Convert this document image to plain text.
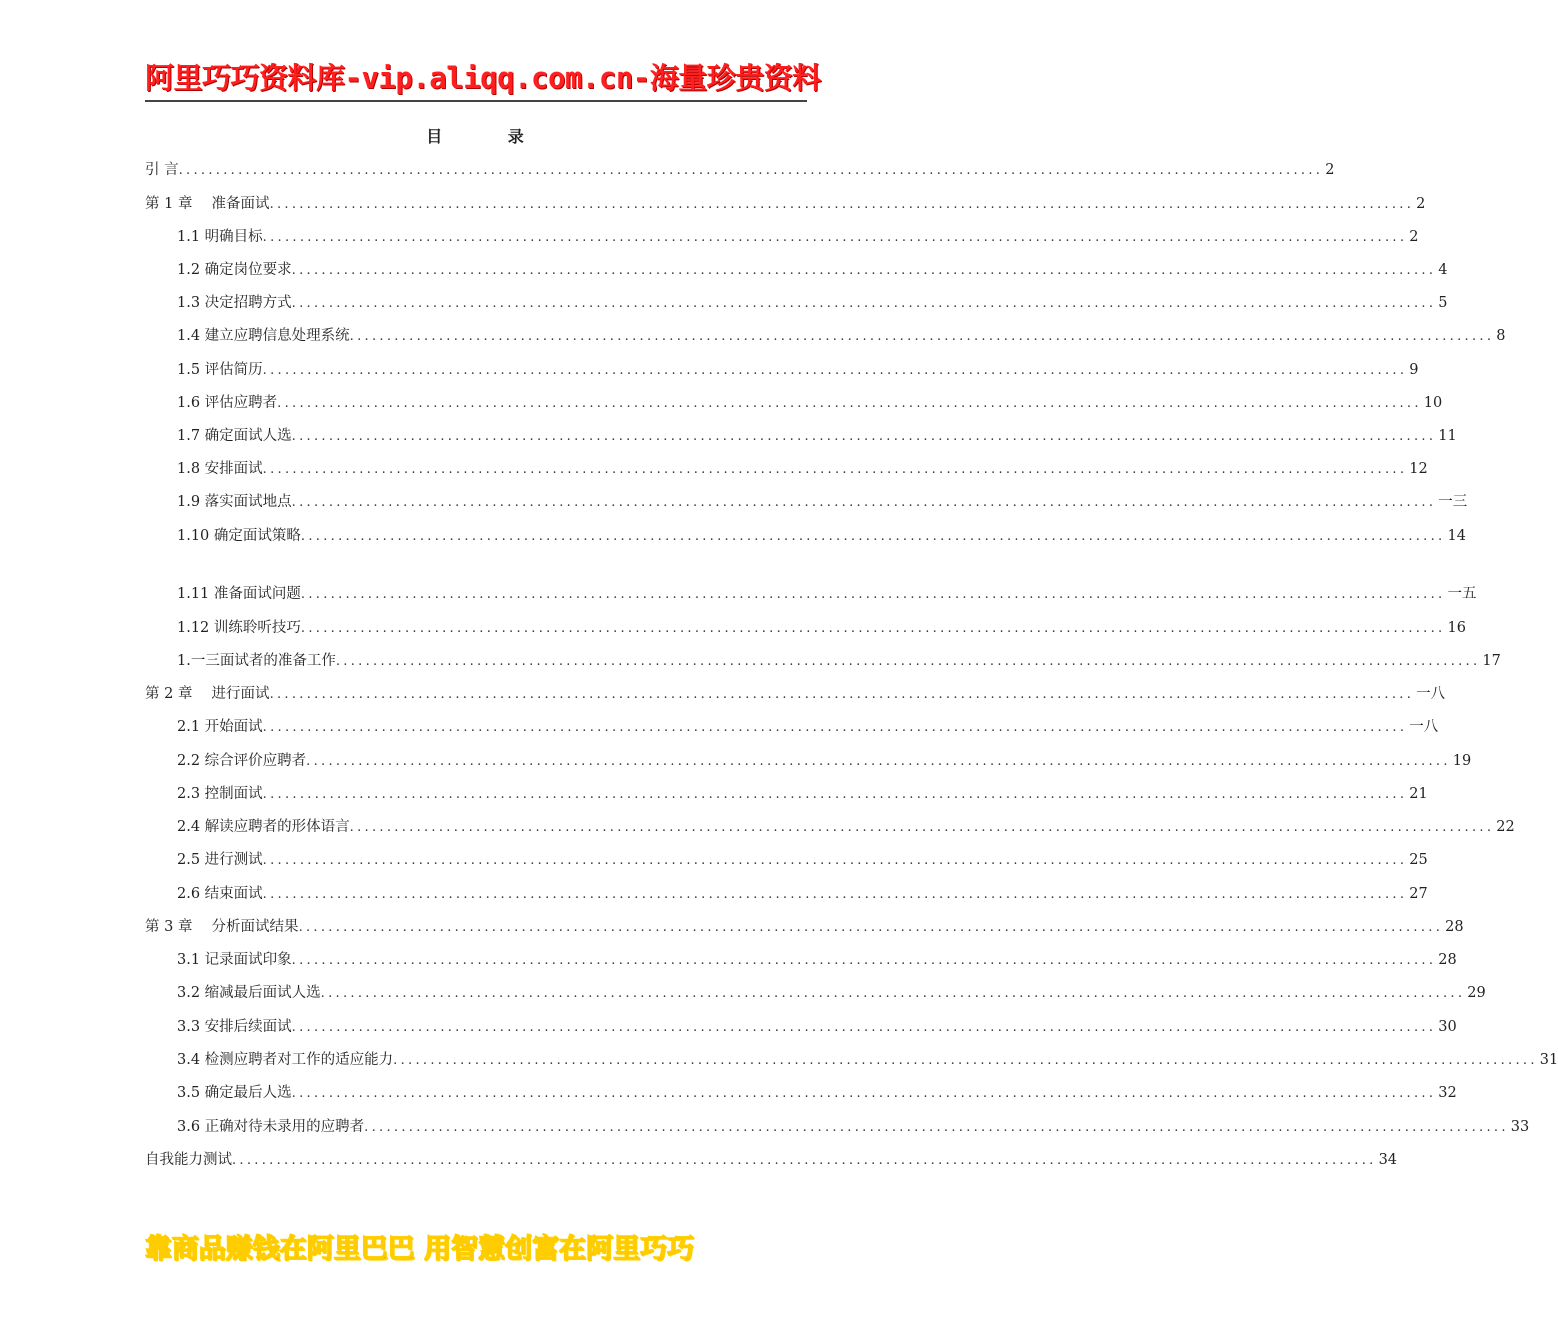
阿里巧巧资料库-vip.aliqq.com.cn-海量珍贵资料
目 录
引 言 .......................................................................................................................................................... 2
第 1 章　 准备面试 .......................................................................................................................................................... 2
1.1 明确目标 .......................................................................................................................................................... 2
1.2 确定岗位要求 .......................................................................................................................................................... 4
1.3 决定招聘方式 .......................................................................................................................................................... 5
1.4 建立应聘信息处理系统 .......................................................................................................................................................... 8
1.5 评估简历 .......................................................................................................................................................... 9
1.6 评估应聘者 .......................................................................................................................................................... 10
1.7 确定面试人选 .......................................................................................................................................................... 11
1.8 安排面试 .......................................................................................................................................................... 12
1.9 落实面试地点 .......................................................................................................................................................... 一三
1.10 确定面试策略 .......................................................................................................................................................... 14
1.11 准备面试问题 .......................................................................................................................................................... 一五
1.12 训练聆听技巧 .......................................................................................................................................................... 16
1.一三面试者的准备工作 .......................................................................................................................................................... 17
第 2 章　 进行面试 .......................................................................................................................................................... 一八
2.1 开始面试 .......................................................................................................................................................... 一八
2.2 综合评价应聘者 .......................................................................................................................................................... 19
2.3 控制面试 .......................................................................................................................................................... 21
2.4 解读应聘者的形体语言 .......................................................................................................................................................... 22
2.5 进行测试 .......................................................................................................................................................... 25
2.6 结束面试 .......................................................................................................................................................... 27
第 3 章　 分析面试结果 .......................................................................................................................................................... 28
3.1 记录面试印象 .......................................................................................................................................................... 28
3.2 缩减最后面试人选 .......................................................................................................................................................... 29
3.3 安排后续面试 .......................................................................................................................................................... 30
3.4 检测应聘者对工作的适应能力 .......................................................................................................................................................... 31
3.5 确定最后人选 .......................................................................................................................................................... 32
3.6 正确对待未录用的应聘者 .......................................................................................................................................................... 33
自我能力测试 .......................................................................................................................................................... 34
靠商品赚钱在阿里巴巴 用智慧创富在阿里巧巧
